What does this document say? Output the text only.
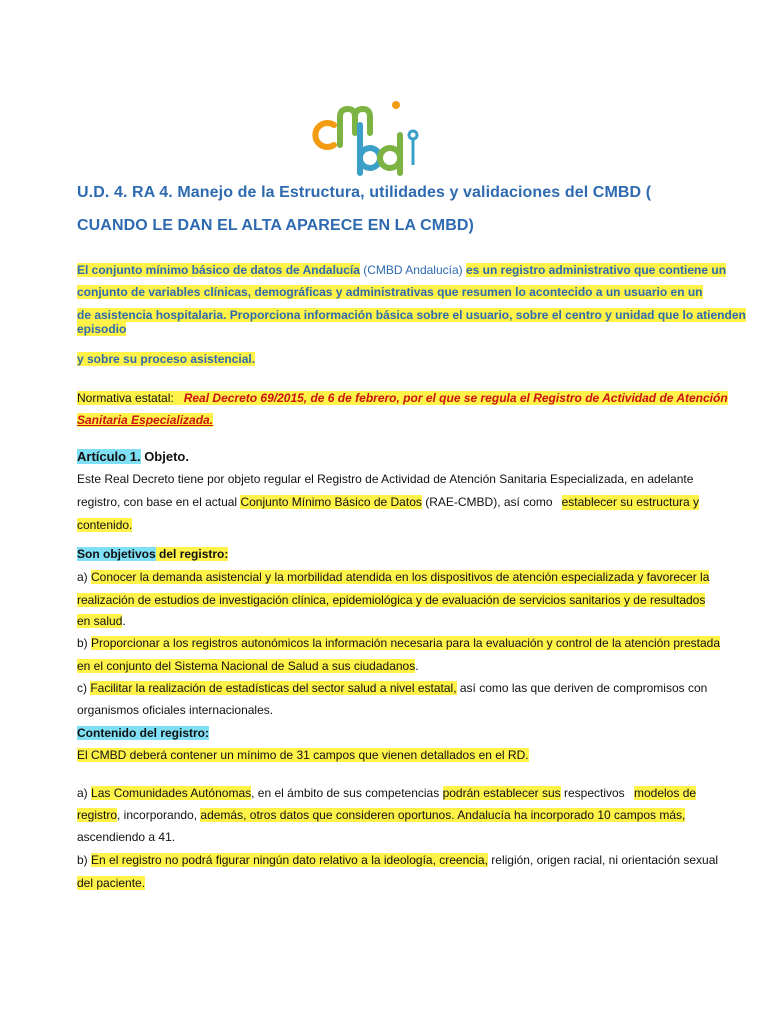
cmbd
U.D. 4. RA 4. Manejo de la Estructura, utilidades y validaciones del CMBD (
CUANDO LE DAN EL ALTA APARECE EN LA CMBD)
El conjunto mínimo básico de datos de Andalucía (CMBD Andalucía) es un registro administrativo que contiene un
conjunto de variables clínicas, demográficas y administrativas que resumen lo acontecido a un usuario en un
de asistencia hospitalaria. Proporciona información básica sobre el usuario, sobre el centro y unidad que lo atienden
episodio
y sobre su proceso asistencial.
Normativa estatal: Real Decreto 69/2015, de 6 de febrero, por el que se regula el Registro de Actividad de Atención
Sanitaria Especializada.
Artículo 1. Objeto.
Este Real Decreto tiene por objeto regular el Registro de Actividad de Atención Sanitaria Especializada, en adelante
registro, con base en el actual Conjunto Mínimo Básico de Datos (RAE-CMBD), así como establecer su estructura y
contenido.
Son objetivos del registro:
a) Conocer la demanda asistencial y la morbilidad atendida en los dispositivos de atención especializada y favorecer la
realización de estudios de investigación clínica, epidemiológica y de evaluación de servicios sanitarios y de resultados
en salud.
b) Proporcionar a los registros autonómicos la información necesaria para la evaluación y control de la atención prestada
en el conjunto del Sistema Nacional de Salud a sus ciudadanos.
c) Facilitar la realización de estadísticas del sector salud a nivel estatal, así como las que deriven de compromisos con
organismos oficiales internacionales.
Contenido del registro:
El CMBD deberá contener un mínimo de 31 campos que vienen detallados en el RD.
a) Las Comunidades Autónomas, en el ámbito de sus competencias podrán establecer sus respectivos modelos de
registro, incorporando, además, otros datos que consideren oportunos. Andalucía ha incorporado 10 campos más,
ascendiendo a 41.
b) En el registro no podrá figurar ningún dato relativo a la ideología, creencia, religión, origen racial, ni orientación sexual
del paciente.
